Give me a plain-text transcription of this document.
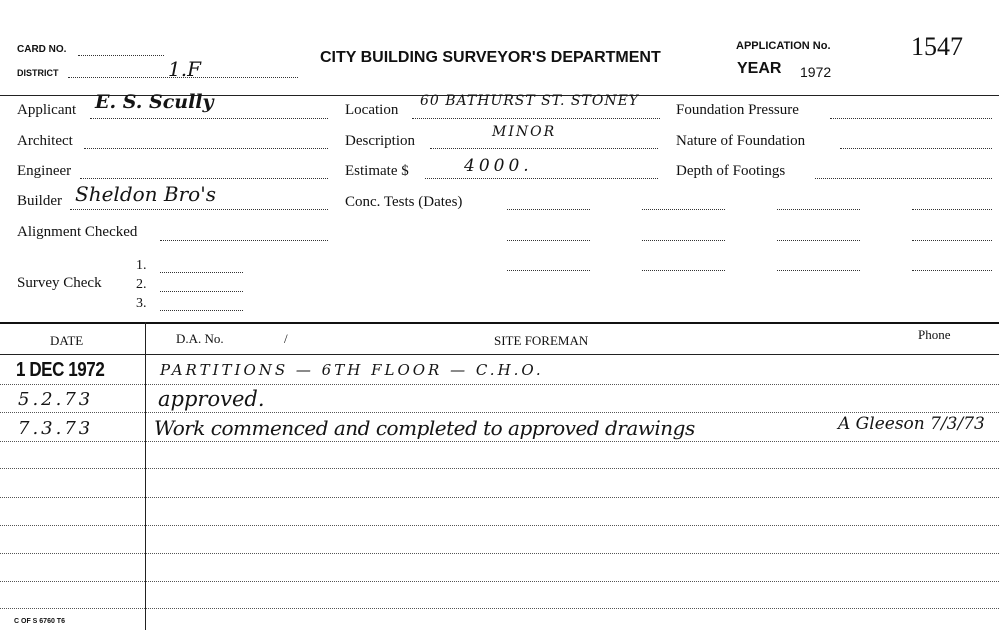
CARD NO.
DISTRICT	1.F	CITY BUILDING SURVEYOR'S DEPARTMENT
APPLICATION No.	1547
YEAR 1972
Applicant E. S. Scully
Architect
Engineer
Builder Sheldon Bro's
Alignment Checked
Survey Check
1.
2.
3.
Location
60 BATHURST ST. STONEY
Description
MINOR
Estimate $	4000.
Conc. Tests (Dates)
Foundation Pressure
Nature of Foundation
Depth of Footings
DATE	D.A. No.	/	SITE FOREMAN	Phone
1 DEC 1972	PARTITIONS — 6TH FLOOR — C.H.O.
5.2.73	approved.
7.3.73	Work commenced and completed to approved drawings	A Gleeson 7/3/73
C OF S 6760 T6
